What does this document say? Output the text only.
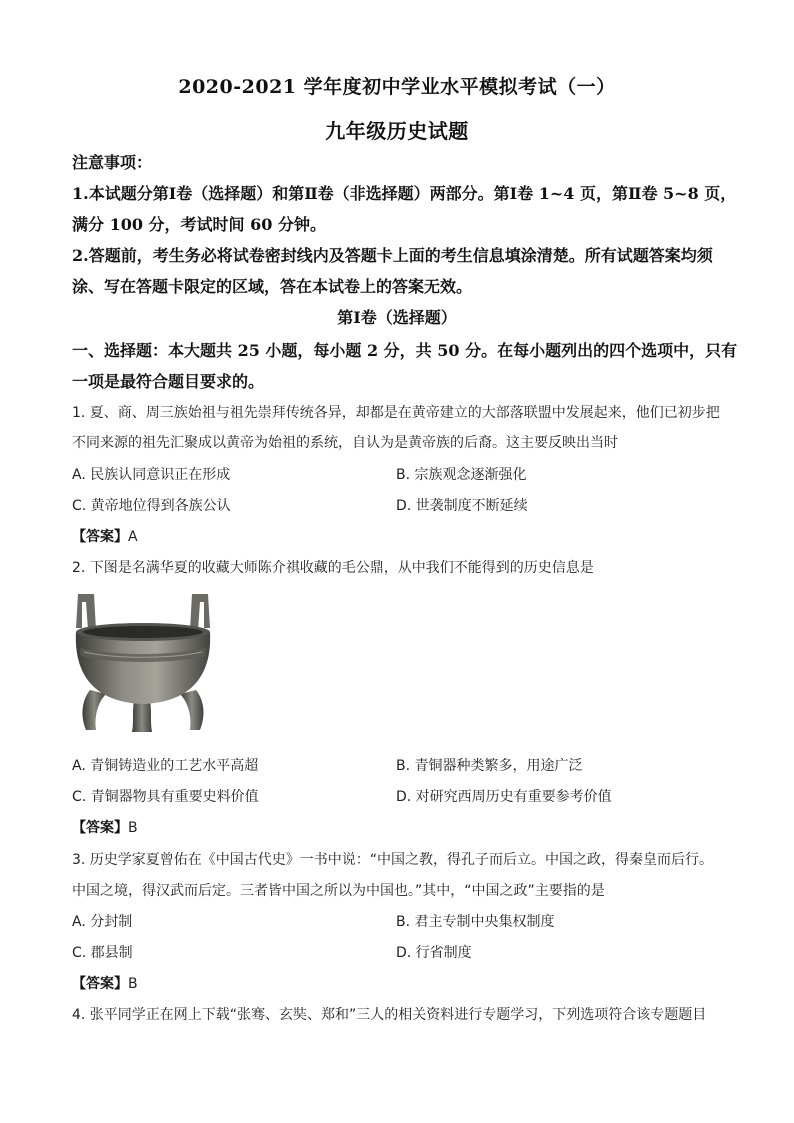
2020-2021 学年度初中学业水平模拟考试（一）
九年级历史试题
注意事项：
1.本试题分第Ⅰ卷（选择题）和第Ⅱ卷（非选择题）两部分。第Ⅰ卷 1~4 页，第Ⅱ卷 5~8 页，
满分 100 分，考试时间 60 分钟。
2.答题前，考生务必将试卷密封线内及答题卡上面的考生信息填涂清楚。所有试题答案均须
涂、写在答题卡限定的区域，答在本试卷上的答案无效。
第Ⅰ卷（选择题）
一、选择题：本大题共 25 小题，每小题 2 分，共 50 分。在每小题列出的四个选项中，只有
一项是最符合题目要求的。
1. 夏、商、周三族始祖与祖先崇拜传统各异，却都是在黄帝建立的大部落联盟中发展起来，他们已初步把
不同来源的祖先汇聚成以黄帝为始祖的系统，自认为是黄帝族的后裔。这主要反映出当时
A. 民族认同意识正在形成	B. 宗族观念逐渐强化
C. 黄帝地位得到各族公认	D. 世袭制度不断延续
【答案】A
2. 下图是名满华夏的收藏大师陈介祺收藏的毛公鼎，从中我们不能得到的历史信息是
A. 青铜铸造业的工艺水平高超	B. 青铜器种类繁多，用途广泛
C. 青铜器物具有重要史料价值	D. 对研究西周历史有重要参考价值
【答案】B
3. 历史学家夏曾佑在《中国古代史》一书中说：“中国之教，得孔子而后立。中国之政，得秦皇而后行。
中国之境，得汉武而后定。三者皆中国之所以为中国也。”其中，“中国之政”主要指的是
A. 分封制	B. 君主专制中央集权制度
C. 郡县制	D. 行省制度
【答案】B
4. 张平同学正在网上下载“张骞、玄奘、郑和”三人的相关资料进行专题学习，下列选项符合该专题题目
